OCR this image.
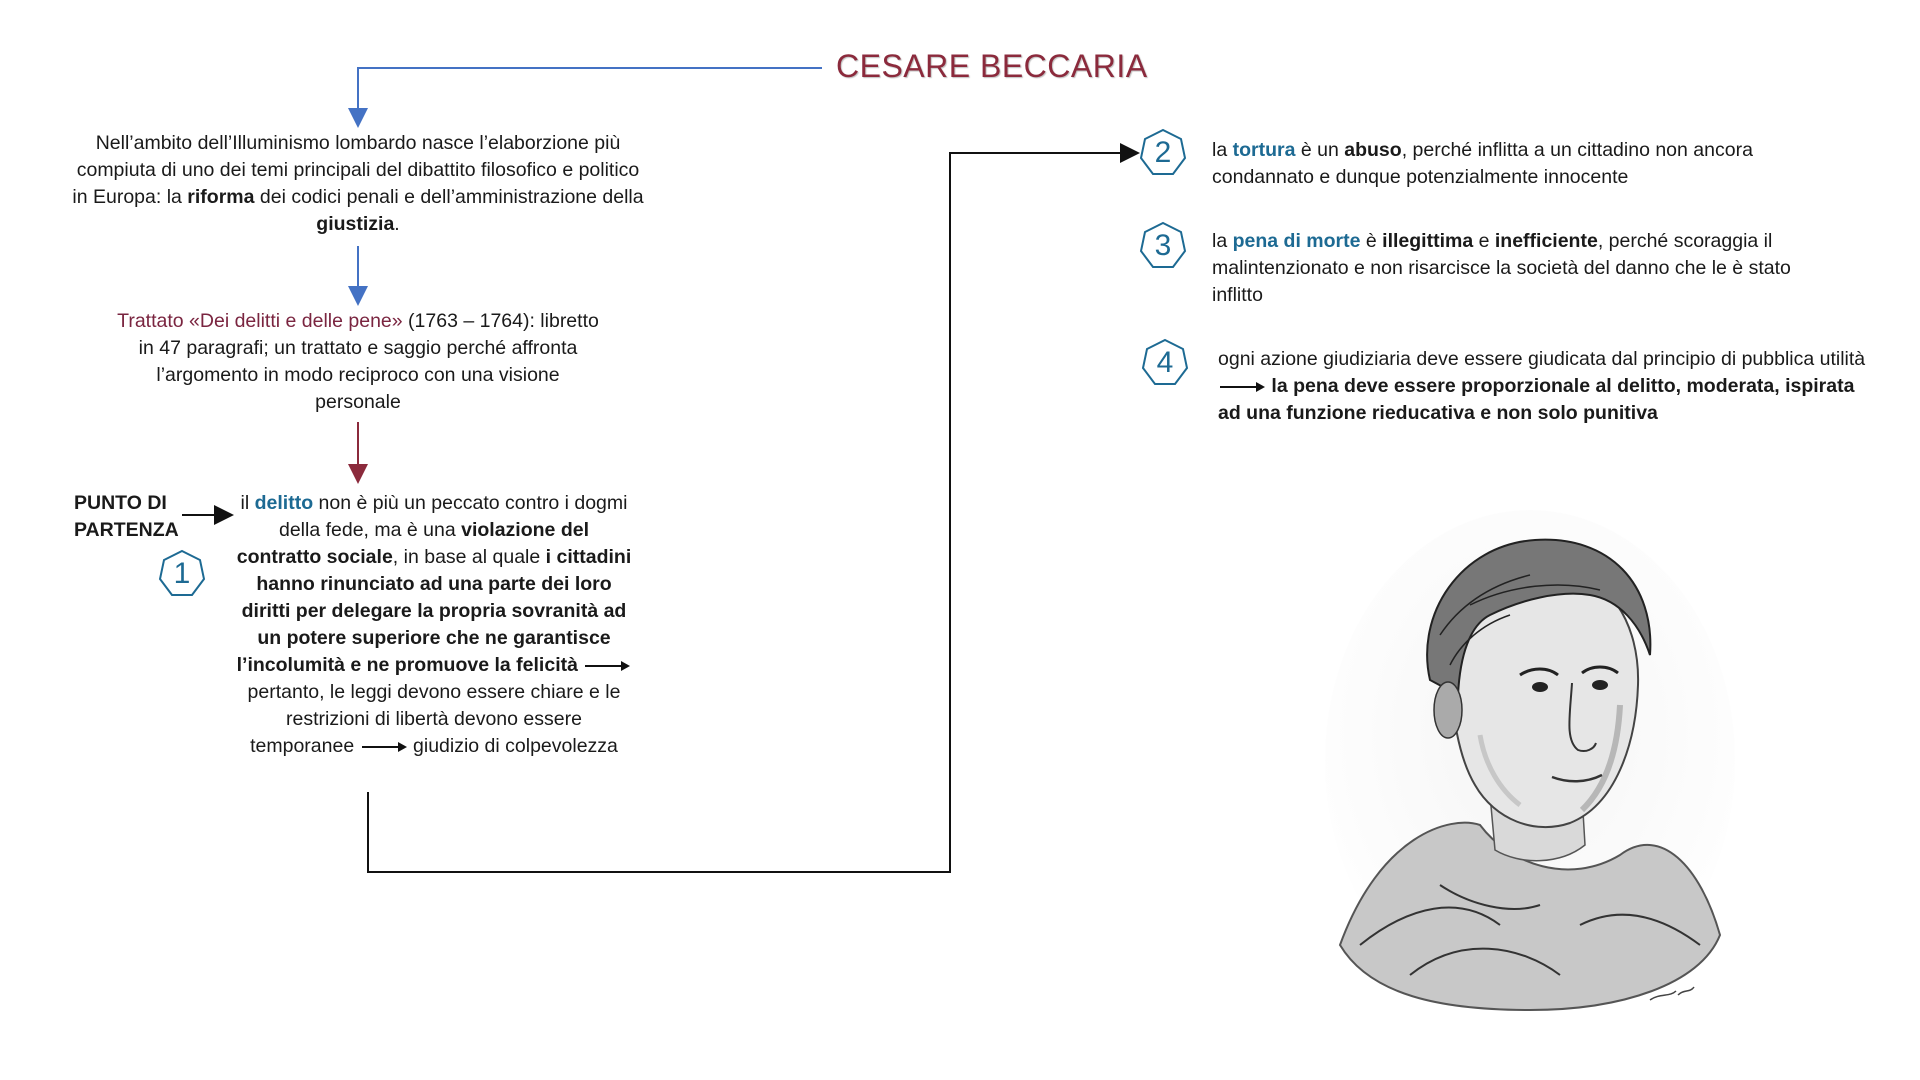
CESARE BECCARIA
Nell’ambito dell’Illuminismo lombardo nasce l’elaborzione più compiuta di uno dei temi principali del dibattito filosofico e politico in Europa: la riforma dei codici penali e dell’amministrazione della giustizia.
Trattato «Dei delitti e delle pene» (1763 – 1764): libretto in 47 paragrafi; un trattato e saggio perché affronta l’argomento in modo reciproco con una visione personale
PUNTO DI
PARTENZA
1
il delitto non è più un peccato contro i dogmi della fede, ma è una violazione del contratto sociale, in base al quale i cittadini hanno rinunciato ad una parte dei loro diritti per delegare la propria sovranità ad un potere superiore che ne garantisce l’incolumità e ne promuove la felicità pertanto, le leggi devono essere chiare e le restrizioni di libertà devono essere temporanee	giudizio di colpevolezza
2	la tortura è un abuso, perché inflitta a un cittadino non ancora condannato e dunque potenzialmente innocente
3	la pena di morte è illegittima e inefficiente, perché scoraggia il malintenzionato e non risarcisce la società del danno che le è stato inflitto
4	ogni azione giudiziaria deve essere giudicata dal principio di pubblica utilità la pena deve essere proporzionale al delitto, moderata, ispirata ad una funzione rieducativa e non solo punitiva
